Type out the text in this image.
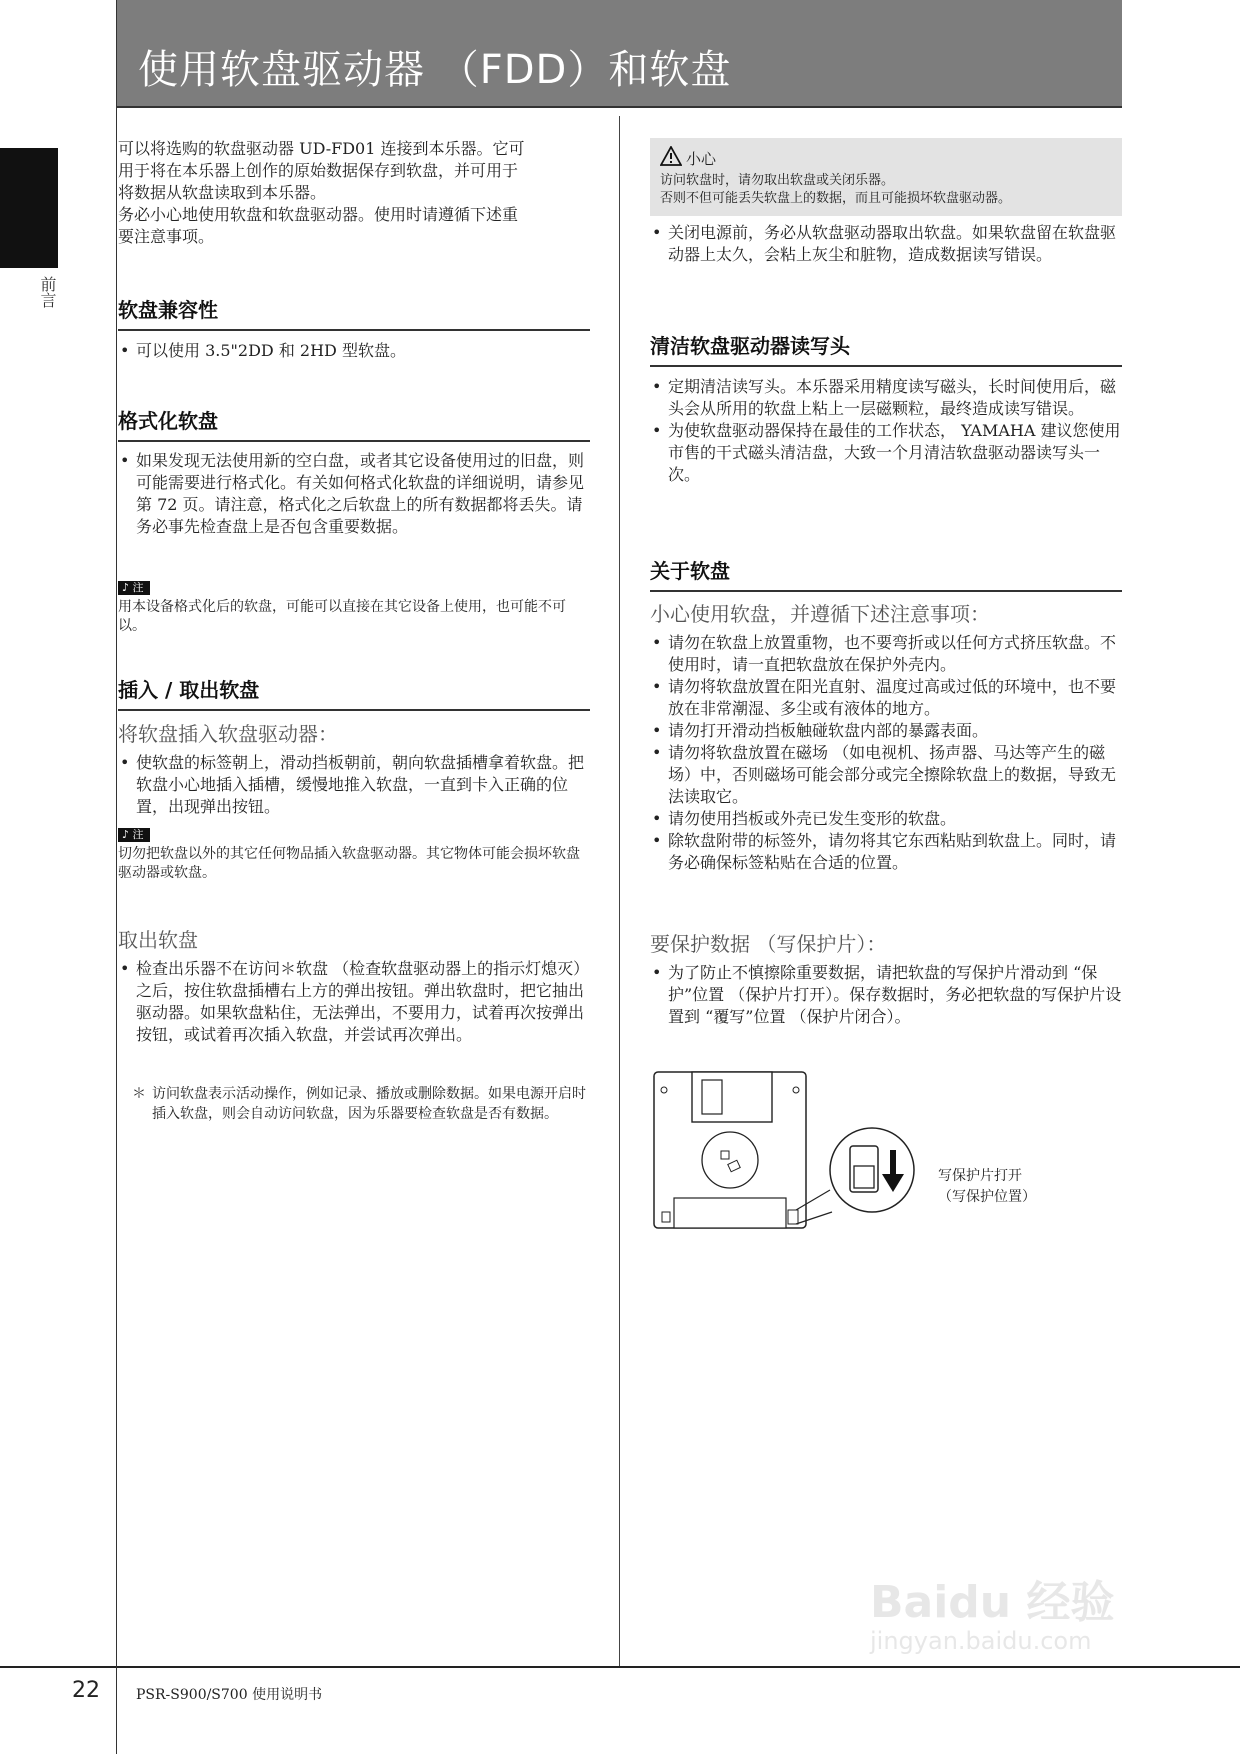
使用软盘驱动器 （FDD）和软盘
前言
可以将选购的软盘驱动器 UD-FD01 连接到本乐器。它可
用于将在本乐器上创作的原始数据保存到软盘，并可用于
将数据从软盘读取到本乐器。
务必小心地使用软盘和软盘驱动器。使用时请遵循下述重
要注意事项。
软盘兼容性
• 可以使用 3.5"2DD 和 2HD 型软盘。
格式化软盘
• 如果发现无法使用新的空白盘，或者其它设备使用过的旧盘，则可能需要进行格式化。有关如何格式化软盘的详细说明，请参见第 72 页。请注意，格式化之后软盘上的所有数据都将丢失。请务必事先检查盘上是否包含重要数据。
♪ 注
用本设备格式化后的软盘，可能可以直接在其它设备上使用，也可能不可以。
插入 / 取出软盘
将软盘插入软盘驱动器：
• 使软盘的标签朝上，滑动挡板朝前，朝向软盘插槽拿着软盘。把软盘小心地插入插槽，缓慢地推入软盘，一直到卡入正确的位置，出现弹出按钮。
♪ 注
切勿把软盘以外的其它任何物品插入软盘驱动器。其它物体可能会损坏软盘驱动器或软盘。
取出软盘
• 检查出乐器不在访问＊软盘 （检查软盘驱动器上的指示灯熄灭）之后，按住软盘插槽右上方的弹出按钮。弹出软盘时，把它抽出驱动器。如果软盘粘住，无法弹出，不要用力，试着再次按弹出按钮，或试着再次插入软盘，并尝试再次弹出。
＊ 访问软盘表示活动操作，例如记录、播放或删除数据。如果电源开启时插入软盘，则会自动访问软盘，因为乐器要检查软盘是否有数据。
小心
访问软盘时，请勿取出软盘或关闭乐器。
否则不但可能丢失软盘上的数据，而且可能损坏软盘驱动器。
• 关闭电源前，务必从软盘驱动器取出软盘。如果软盘留在软盘驱动器上太久，会粘上灰尘和脏物，造成数据读写错误。
清洁软盘驱动器读写头
• 定期清洁读写头。本乐器采用精度读写磁头，长时间使用后，磁头会从所用的软盘上粘上一层磁颗粒，最终造成读写错误。
• 为使软盘驱动器保持在最佳的工作状态， YAMAHA 建议您使用市售的干式磁头清洁盘，大致一个月清洁软盘驱动器读写头一次。
关于软盘
小心使用软盘，并遵循下述注意事项：
• 请勿在软盘上放置重物，也不要弯折或以任何方式挤压软盘。不使用时，请一直把软盘放在保护外壳内。
• 请勿将软盘放置在阳光直射、温度过高或过低的环境中，也不要放在非常潮湿、多尘或有液体的地方。
• 请勿打开滑动挡板触碰软盘内部的暴露表面。
• 请勿将软盘放置在磁场 （如电视机、扬声器、马达等产生的磁场）中，否则磁场可能会部分或完全擦除软盘上的数据，导致无法读取它。
• 请勿使用挡板或外壳已发生变形的软盘。
• 除软盘附带的标签外，请勿将其它东西粘贴到软盘上。同时，请务必确保标签粘贴在合适的位置。
要保护数据 （写保护片）：
• 为了防止不慎擦除重要数据，请把软盘的写保护片滑动到 “保护”位置 （保护片打开）。保存数据时，务必把软盘的写保护片设置到 “覆写”位置 （保护片闭合）。
写保护片打开
（写保护位置）
Baidu 经验
jingyan.baidu.com
22	PSR-S900/S700 使用说明书
